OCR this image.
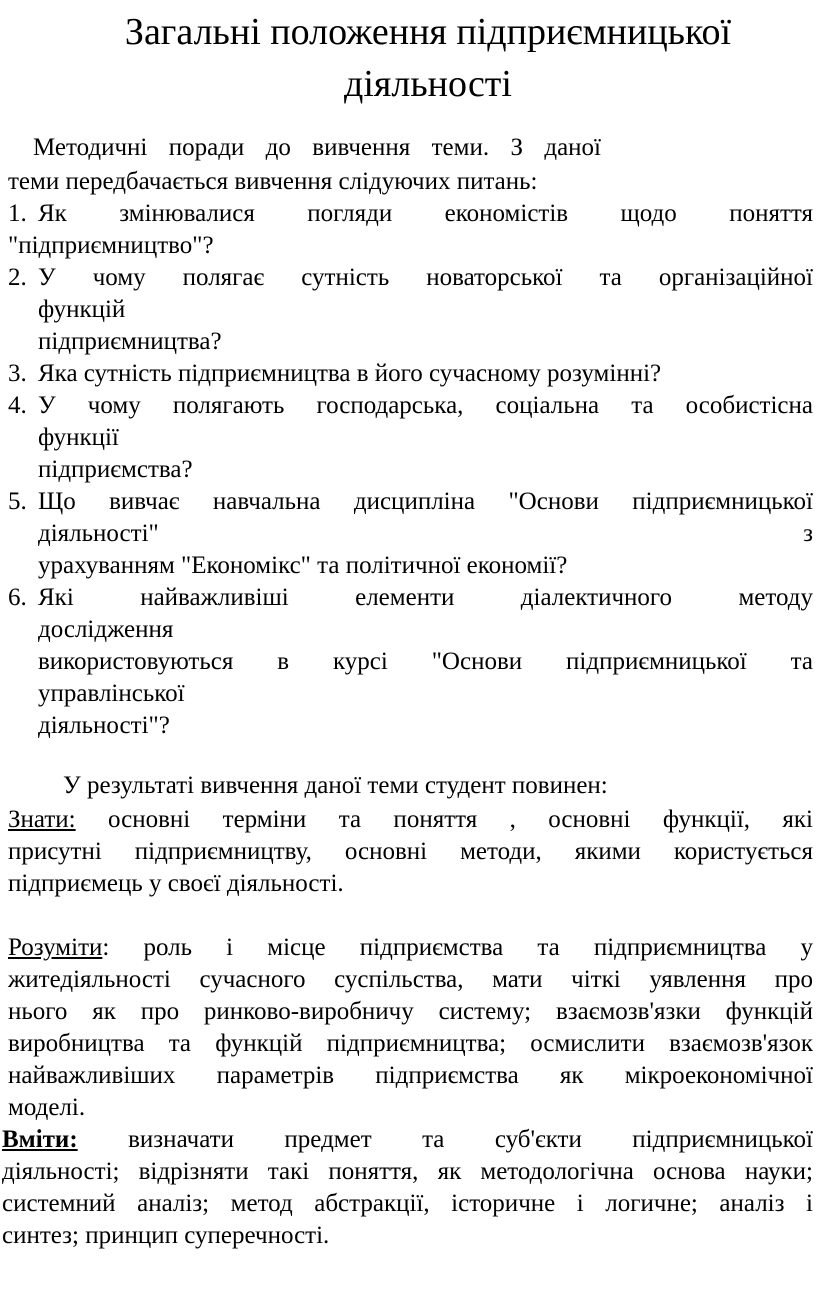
Загальні положення підприємницької
діяльності
Методичні поради до вивчення теми. З даної
теми передбачається вивчення слідуючих питань:
1. Як змінювалися погляди економістів щодо поняття
"підприємництво"?
2. У чому полягає сутність новаторської та організаційної
функцій
підприємництва?
3. Яка сутність підприємництва в його сучасному розумінні?
4. У чому полягають господарська, соціальна та особистісна
функції
підприємства?
5. Що вивчає навчальна дисципліна "Основи підприємницької
діяльності" з
урахуванням "Економікс" та політичної економії?
6. Які найважливіші елементи діалектичного методу
дослідження
використовуються в курсі "Основи підприємницької та
управлінської
діяльності"?
У результаті вивчення даної теми студент повинен:
Знати: основні терміни та поняття , основні функції, які
присутні підприємництву, основні методи, якими користується
підприємець у своєї діяльності.
Розуміти: роль і місце підприємства та підприємництва у
житедіяльності сучасного суспільства, мати чіткі уявлення про
нього як про ринково-виробничу систему; взаємозв'язки функцій
виробництва та функцій підприємництва; осмислити взаємозв'язок
найважливіших параметрів підприємства як мікроекономічної
моделі.
Вміти: визначати предмет та суб'єкти підприємницької
діяльності; відрізняти такі поняття, як методологічна основа науки;
системний аналіз; метод абстракції, історичне і логичне; аналіз і
синтез; принцип суперечності.
